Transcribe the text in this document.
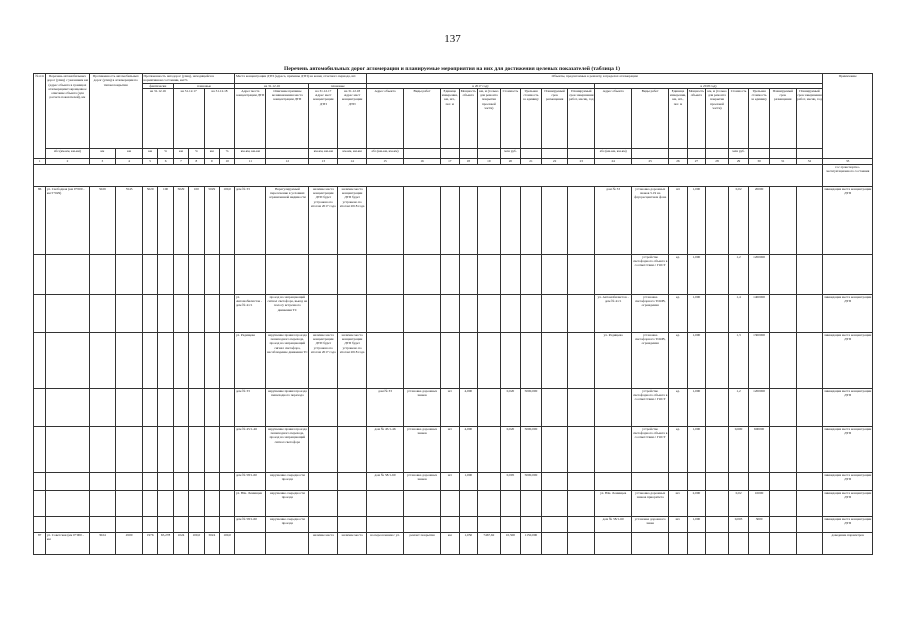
137
Перечень автомобильных дорог агломерации и планируемые мероприятия на них для достижения целевых показателей (таблица 1)
№ п/п	Перечень автомобильных дорог (улиц) с указанием км (адрес объекта в границах агломерации/сокращенное описание объекта (для расчета показателей), км	Протяженность автомобильных дорог (улиц) в агломерации по типам покрытия		Протяженность автодорог (улиц), находящейся в нормативном состоянии, км/%						Места концентрации ДТП (адреса, причины ДТП) на конец отчетного периода, шт.				Объекты, предлагаемые к ремонту, в пределах агломерации																		Примечание
				фактически		плановые				на 31.12.16		плановые		в 2017 году									в 2018 году									
				на 31.12.16		на 31.12.17		на 31.12.18		Адрес места концентрации ДТП	Описание причины возникновения места концентрации ДТП	на 31.12.17
Адрес мест концентрации ДТП	на 31.12.18
Адрес мест концентрации ДТП	Адрес объекта	Виды работ	Единица измерения, км, шт., пог. м	Мощность объекта	км, м (только для ремонта покрытия проезжей части)	Стоимость	Удельная стоимость за единицу	Планируемый срок размещения	Планируемый срок завершения работ, месяц, год	Адрес объекта	Виды работ	Единица измерения, км, шт., пог. м	Мощность объекта	км, м (только для ремонта покрытия проезжей части)	Стоимость	Удельная стоимость за единицу	Планируемый срок размещения	Планируемый срок завершения работ, месяц, год	
	абс.(км-км, км-км)	км	км	км	%	км	%	км	%	км-км, км-км		км-км, км-км	км-км, км-км	абс.(км-км, км-км)					млн руб.				абс.(км-км, км-км)					млн руб.				
1	2	3	4	5	6	7	8	9	10	11	12	13	14	15	16	17	18	19	20	21	22	23	24	25	26	27	28	29	30	31	32	33
																																гос.транспортно-эксплуатационного состояния
86	ул. Свободная (км 0+000 - км 5+029)	5029	5545	5029	100	5029	100	5029	100,0	дом № 33	Нерегулируемый пересечение в условиях ограниченной видимости	наличие места концентрации ДТП будет устранено по итогам 2017 года	наличие места концентрации ДТП будет устранено по итогам 2018 года										дом № 33	установка дорожных знаков 5.19 на флуоресцентном фоне	шт	1,000		0,02	20000			ликвидация места концентрации ДТП
																								устройство светофорного объекта в соответствии с ГОСТ	ед.	1,000		1,2	1200000			
										ул. Автомобилистов - дом № 41/1	проезд на запрещающий сигнал светофора, выезд на полосу встречного движения ТС												ул. Автомобилистов - дом № 41/1	установка светофорного ТООВ, ограждения	ед.	1,000		1,4	1400000			ликвидация места концентрации ДТП
										ул. Радищева	нарушение правил проезда пешеходного перехода, проезд на запрещающий сигнал светофора, несоблюдение движения ТС	наличие места концентрации ДТП будет устранено по итогам 2017 года	наличие места концентрации ДТП будет устранено по итогам 2018 года										ул. Радищева	установка светофорного ТООВ, ограждения	ед.	1,000		1,3	1300000			ликвидация места концентрации ДТП
										дом № 33	нарушение правил проезда пешеходного перехода			дом № 33	установка дорожных знаков	шт	4,000		0,020	5000,000				устройство светофорного объекта в соответствии с ГОСТ	ед.	1,000		1,2	1200000			ликвидация места концентрации ДТП
										дом № 45/1-46	нарушение правил проезда пешеходного перехода, проезд на запрещающий сигнал светофора			дом № 45/1-46	установка дорожных знаков	шт	4,000		0,020	5000,000				устройство светофорного объекта в соответствии с ГОСТ	ед.	1,000		0,600	600000			ликвидация места концентрации ДТП
										дом № 58/1-60	нарушение очередности проезда			дом № 58/1-60	установка дорожных знаков	шт	1,000		0,005	5000,000												ликвидация места концентрации ДТП
										ул. Юн. Ленинцев	нарушение очередности проезда												ул. Юн. Ленинцев	установка дорожных знаков приоритета	шт.	2,000		0,02	10000			ликвидация места концентрации ДТП
										дом № 58/1-60	нарушение очередности проезда												дом № 58/1-60	установка дорожного знака	шт.	1,000		0,003	3000			ликвидация места концентрации ДТП
87	ул. Советская (км 0+000 - км	3024	4500	1976	65,278	1024	100,0	3024	100,0			наличие места	наличие места	на пересечении с ул.	ремонт покрытия	км	1,050	7467,62	10,500	1150,000												доведение параметров
